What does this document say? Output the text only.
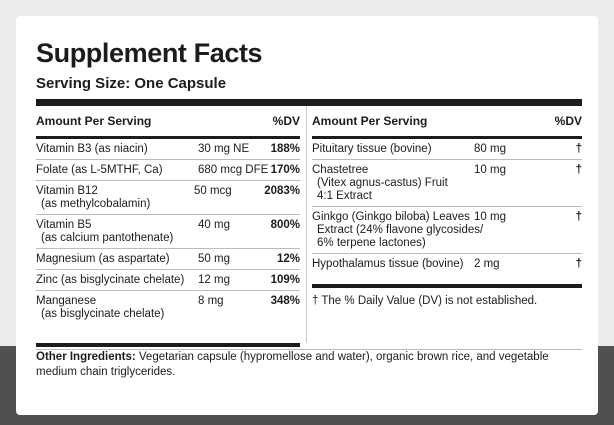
Supplement Facts
Serving Size: One Capsule
Amount Per Serving	%DV
Vitamin B3 (as niacin)	30 mg NE	188%
Folate (as L-5MTHF, Ca)	680 mcg DFE 170%
Vitamin B12
(as methylcobalamin)
50 mcg	2083%
Vitamin B5
(as calcium pantothenate)
40 mg	800%
Magnesium (as aspartate)	50 mg	12%
Zinc (as bisglycinate chelate)	12 mg	109%
Manganese
(as bisglycinate chelate)
8 mg	348%
Amount Per Serving	%DV
Pituitary tissue (bovine)	80 mg	†
Chastetree
(Vitex agnus-castus) Fruit
4:1 Extract
10 mg	†
Ginkgo (Ginkgo biloba) Leaves
Extract (24% flavone glycosides/
6% terpene lactones)
10 mg	†
Hypothalamus tissue (bovine) 2 mg	†
† The % Daily Value (DV) is not established.
Other Ingredients: Vegetarian capsule (hypromellose and water), organic brown rice, and vegetable medium chain triglycerides.
